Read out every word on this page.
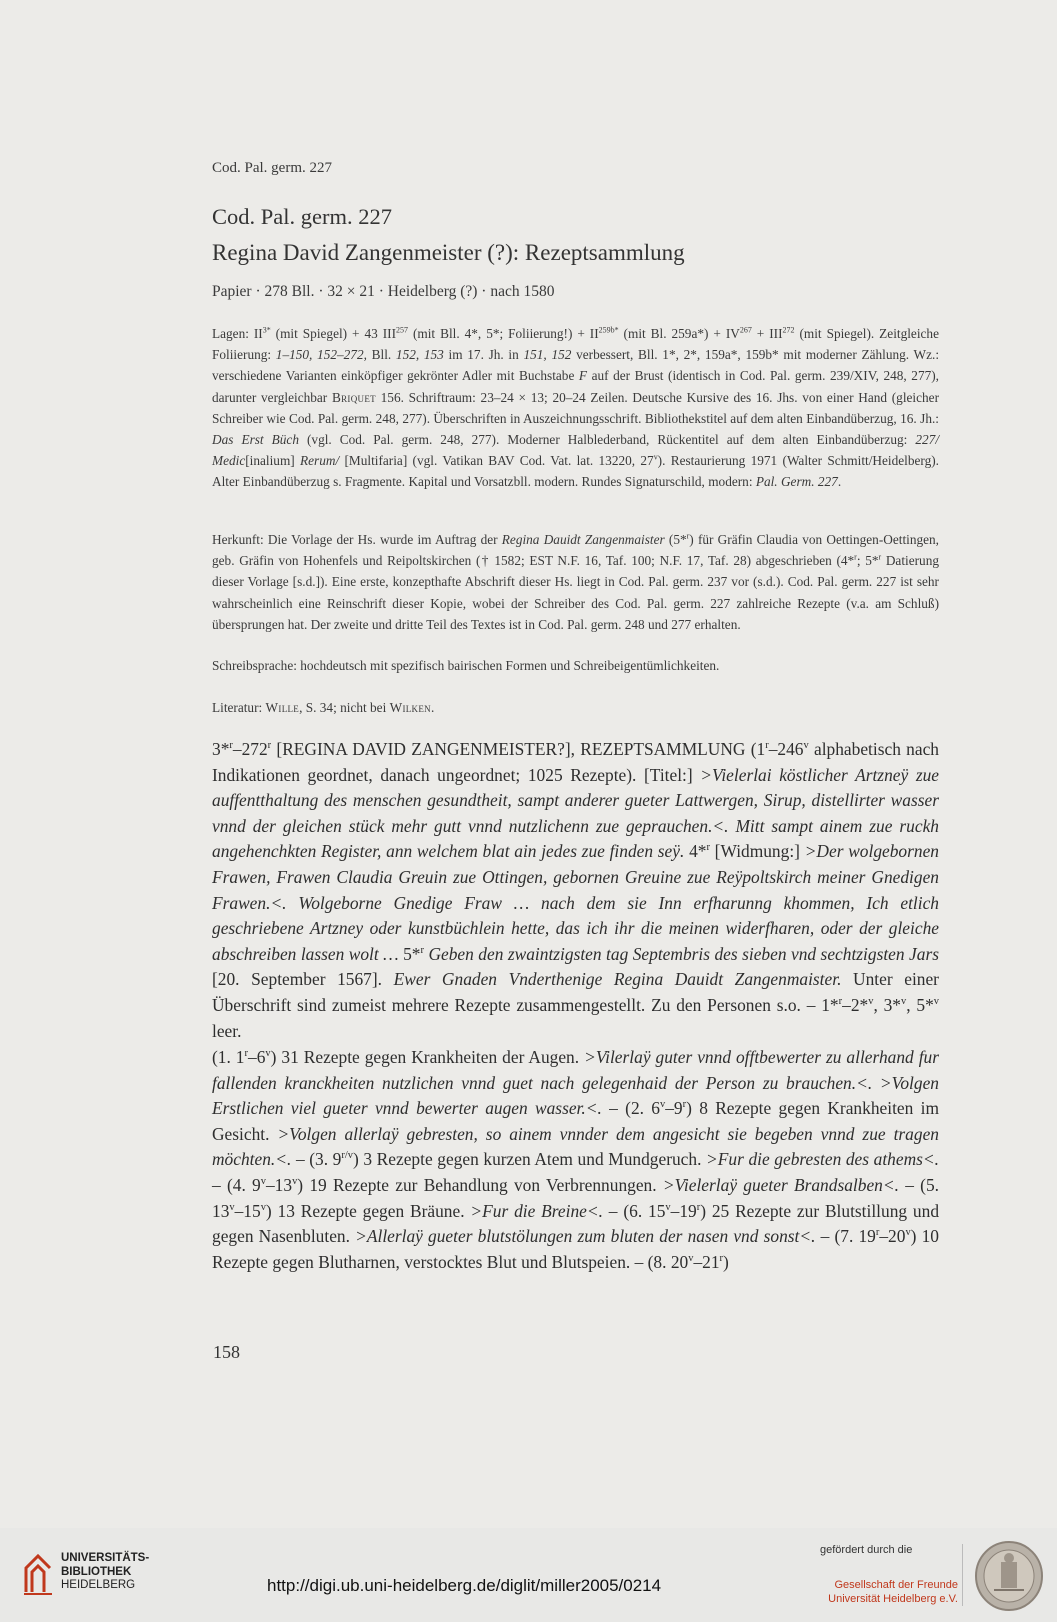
Cod. Pal. germ. 227
Cod. Pal. germ. 227
Regina David Zangenmeister (?): Rezeptsammlung
Papier · 278 Bll. · 32 × 21 · Heidelberg (?) · nach 1580

Lagen: $II^{3*}$ (mit Spiegel) + 43 III$^{257}$ (mit Bll. 4*, 5*; Foliierung!) + $II^{259b*}$ (mit Bl. $259a*) + IV^{267} + III^{272}$ (mit Spiegel). Zeitgleiche Foliierung: 1–150, 152–272, Bll. 152, 153 im 17. Jh. in 151, 152 verbessert, Bll. 1*, 2*, 159a*, 159b* mit moderner Zählung. Wz.: verschiedene Varianten einköpfiger gekrönter Adler mit Buchstabe F auf der Brust (identisch in Cod. Pal. germ. 239/XIV, 248, 277), darunter vergleichbar Briquet 156. Schriftraum: 23–24 × 13; 20–24 Zeilen. Deutsche Kursive des 16. Jhs. von einer Hand (gleicher Schreiber wie Cod. Pal. germ. 248, 277). Überschriften in Auszeichnungsschrift. Bibliothekstitel auf dem alten Einbandüberzug, 16. Jh.: Das Erst Büch (vgl. Cod. Pal. germ. 248, 277). Moderner Halblederband, Rückentitel auf dem alten Einbandüberzug: 227/ Medic[inalium] Rerum/ [Multifaria] (vgl. Vatikan BAV Cod. Vat. lat. 13220, 27$^v$). Restaurierung 1971 (Walter Schmitt/Heidelberg). Alter Einbandüberzug s. Fragmente. Kapital und Vorsatzbll. modern. Rundes Signaturschild, modern: Pal. Germ. 227.

Herkunft: Die Vorlage der Hs. wurde im Auftrag der Regina Dauidt Zangenmaister (5*$^r$) für Gräfin Claudia von Oettingen-Oettingen, geb. Gräfin von Hohenfels und Reipoltskirchen († 1582; EST N.F. 16, Taf. 100; N.F. 17, Taf. 28) abgeschrieben (4*$^r$; 5*$^r$ Datierung dieser Vorlage [s.d.]). Eine erste, konzepthafte Abschrift dieser Hs. liegt in Cod. Pal. germ. 237 vor (s.d.). Cod. Pal. germ. 227 ist sehr wahrscheinlich eine Reinschrift dieser Kopie, wobei der Schreiber des Cod. Pal. germ. 227 zahlreiche Rezepte (v.a. am Schluß) übersprungen hat. Der zweite und dritte Teil des Textes ist in Cod. Pal. germ. 248 und 277 erhalten.

Schreibsprache: hochdeutsch mit spezifisch bairischen Formen und Schreibeigentümlichkeiten.

Literatur: Wille, S. 34; nicht bei Wilken.

3*$^r$–272$^r$ [REGINA DAVID ZANGENMEISTER?], REZEPTSAMMLUNG (1$^r$–246$^v$ alphabetisch nach Indikationen geordnet, danach ungeordnet; 1025 Rezepte). [Titel:] >Vielerlai köstlicher Artzneÿ zue auffentthaltung des menschen gesundtheit, sampt anderer gueter Lattwergen, Sirup, distellirter wasser vnnd der gleichen stück mehr gutt vnnd nutzlichenn zue geprauchen.<. Mitt sampt ainem zue ruckh angehenchkten Register, ann welchem blat ain jedes zue finden seÿ. 4*$^r$ [Widmung:] >Der wolgebornen Frawen, Frawen Claudia Greuin zue Ottingen, gebornen Greuine zue Reÿpoltskirch meiner Gnedigen Frawen.<. Wolgeborne Gnedige Fraw … nach dem sie Inn erfharunng khommen, Ich etlich geschriebene Artzney oder kunstbüchlein hette, das ich ihr die meinen widerfharen, oder der gleiche abschreiben lassen wolt … 5*$^r$ Geben den zwaintzigsten tag Septembris des sieben vnd sechtzigsten Jars [20. September 1567]. Ewer Gnaden Vnderthenige Regina Dauidt Zangenmaister. Unter einer Überschrift sind zumeist mehrere Rezepte zusammengestellt. Zu den Personen s.o. – 1*$^r$–2*$^v$, 3*$^v$, 5*$^v$ leer.

(1. 1$^r$–6$^v$) 31 Rezepte gegen Krankheiten der Augen. >Vilerlaÿ guter vnnd offtbewerter zu allerhand fur fallenden kranckheiten nutzlichen vnnd guet nach gelegenhaid der Person zu brauchen.<. >Volgen Erstlichen viel gueter vnnd bewerter augen wasser.<. – (2. 6$^v$–9$^r$) 8 Rezepte gegen Krankheiten im Gesicht. >Volgen allerlaÿ gebresten, so ainem vnnder dem angesicht sie begeben vnnd zue tragen möchten.<. – (3. $9^{r/v}$) 3 Rezepte gegen kurzen Atem und Mundgeruch. >Fur die gebresten des athems<. – (4. 9$^v$–13$^v$) 19 Rezepte zur Behandlung von Verbrennungen. >Vielerlaÿ gueter Brandsalben<. – (5. 13$^v$–15$^v$) 13 Rezepte gegen Bräune. >Fur die Breine<. – (6. 15$^v$–19$^r$) 25 Rezepte zur Blutstillung und gegen Nasenbluten. >Allerlaÿ gueter blutstölungen zum bluten der nasen vnd sonst<. – (7. 19$^r$–20$^v$) 10 Rezepte gegen Blutharnen, verstocktes Blut und Blutspeien. – (8. 20$^v$–21$^r$)

158
UNIVERSITÄTS-
BIBLIOTHEK
HEIDELBERG	http://digi.ub.uni-heidelberg.de/diglit/miller2005/0214
gefördert durch die
Gesellschaft der Freunde
Universität Heidelberg e.V.
